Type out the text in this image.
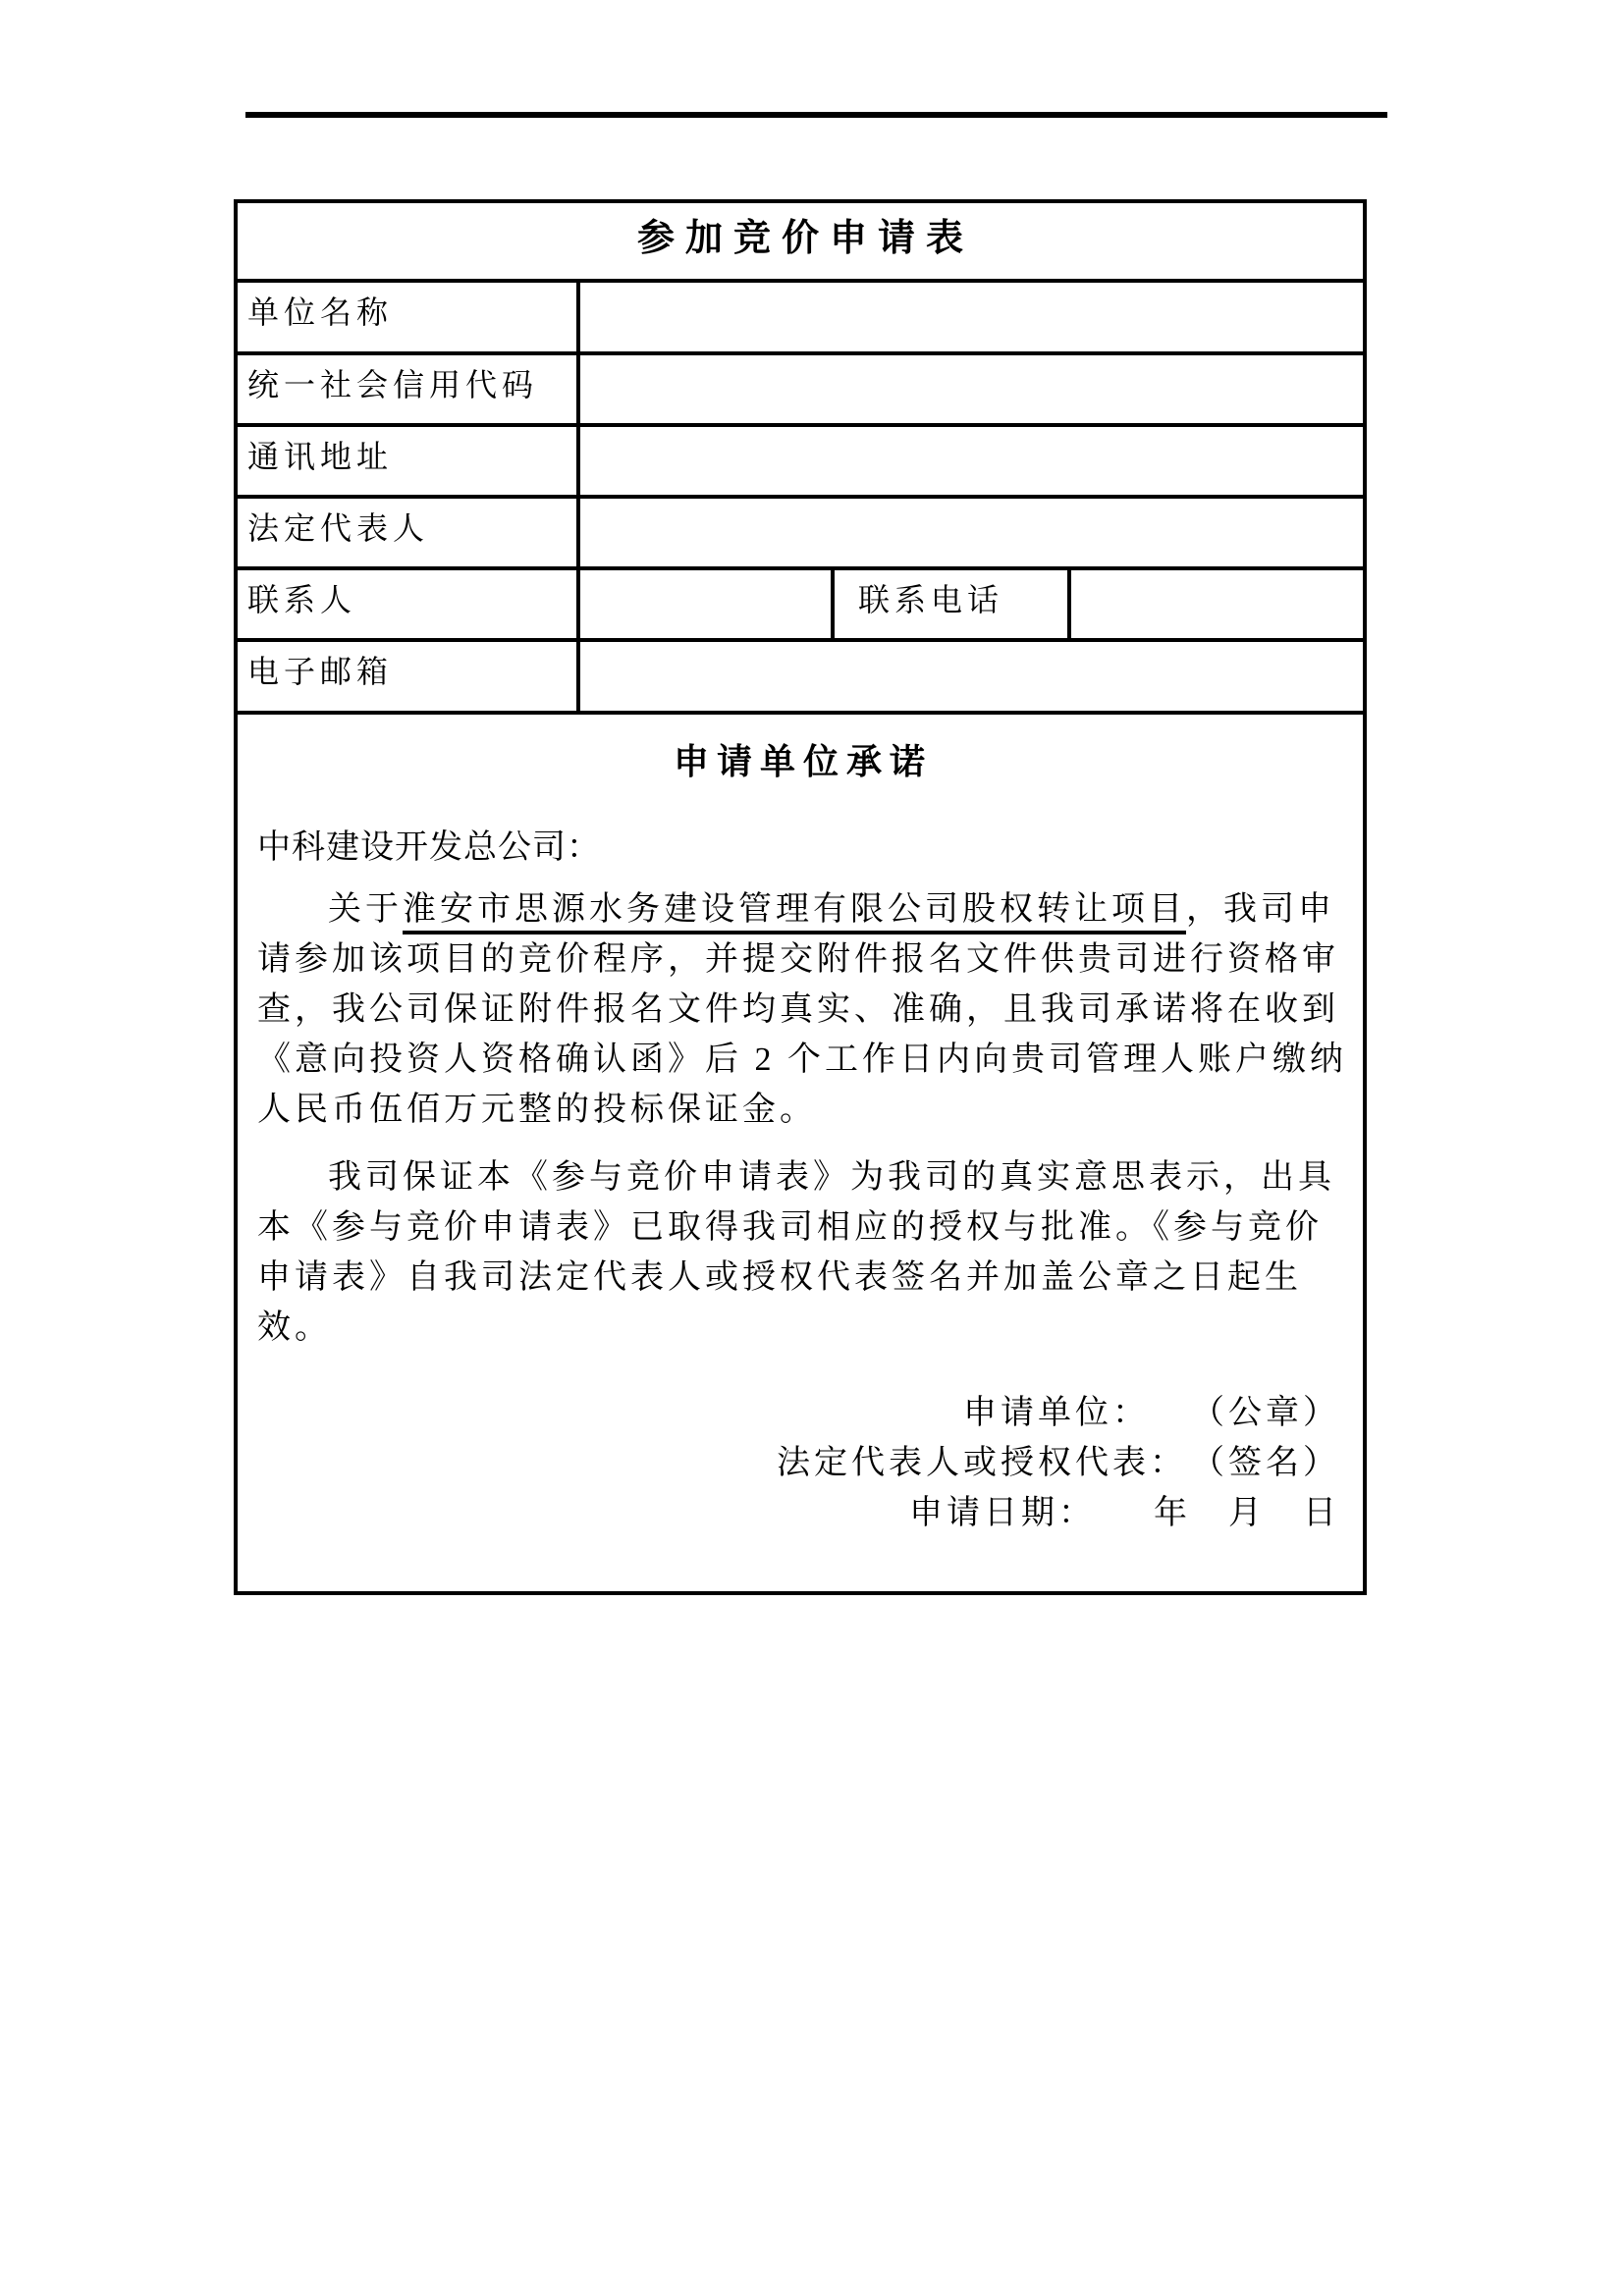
参加竞价申请表
单位名称
统一社会信用代码
通讯地址
法定代表人
联系人	联系电话
电子邮箱
申请单位承诺
中科建设开发总公司：
关于淮安市思源水务建设管理有限公司股权转让项目，我司申
请参加该项目的竞价程序，并提交附件报名文件供贵司进行资格审
查，我公司保证附件报名文件均真实、准确，且我司承诺将在收到
《意向投资人资格确认函》后 2 个工作日内向贵司管理人账户缴纳
人民币伍佰万元整的投标保证金。
我司保证本《参与竞价申请表》为我司的真实意思表示，出具
本《参与竞价申请表》已取得我司相应的授权与批准。《参与竞价
申请表》自我司法定代表人或授权代表签名并加盖公章之日起生
效。
申请单位：　　（公章）
法定代表人或授权代表：　（签名）
申请日期：　　年　月　日
